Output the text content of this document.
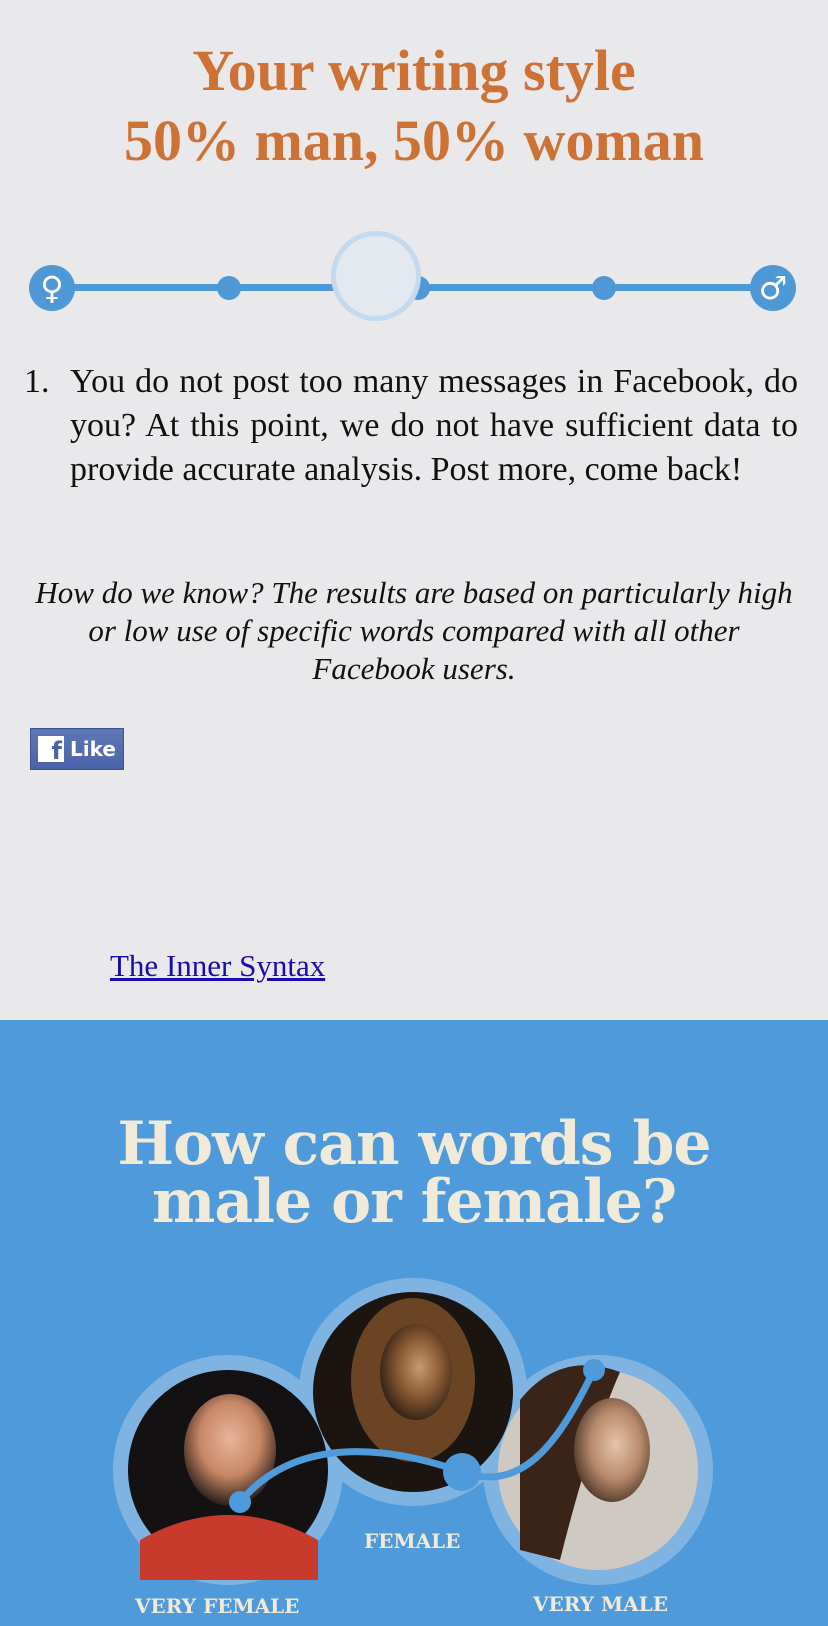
Your writing style
50% man, 50% woman
♀	♂
1. You do not post too many messages in Facebook, do you? At this point, we do not have sufficient data to provide accurate analysis. Post more, come back!
How do we know? The results are based on particularly high or low use of specific words compared with all other Facebook users.
f Like
The Inner Syntax
How can words be
male or female?
FEMALE
VERY FEMALE	VERY MALE
